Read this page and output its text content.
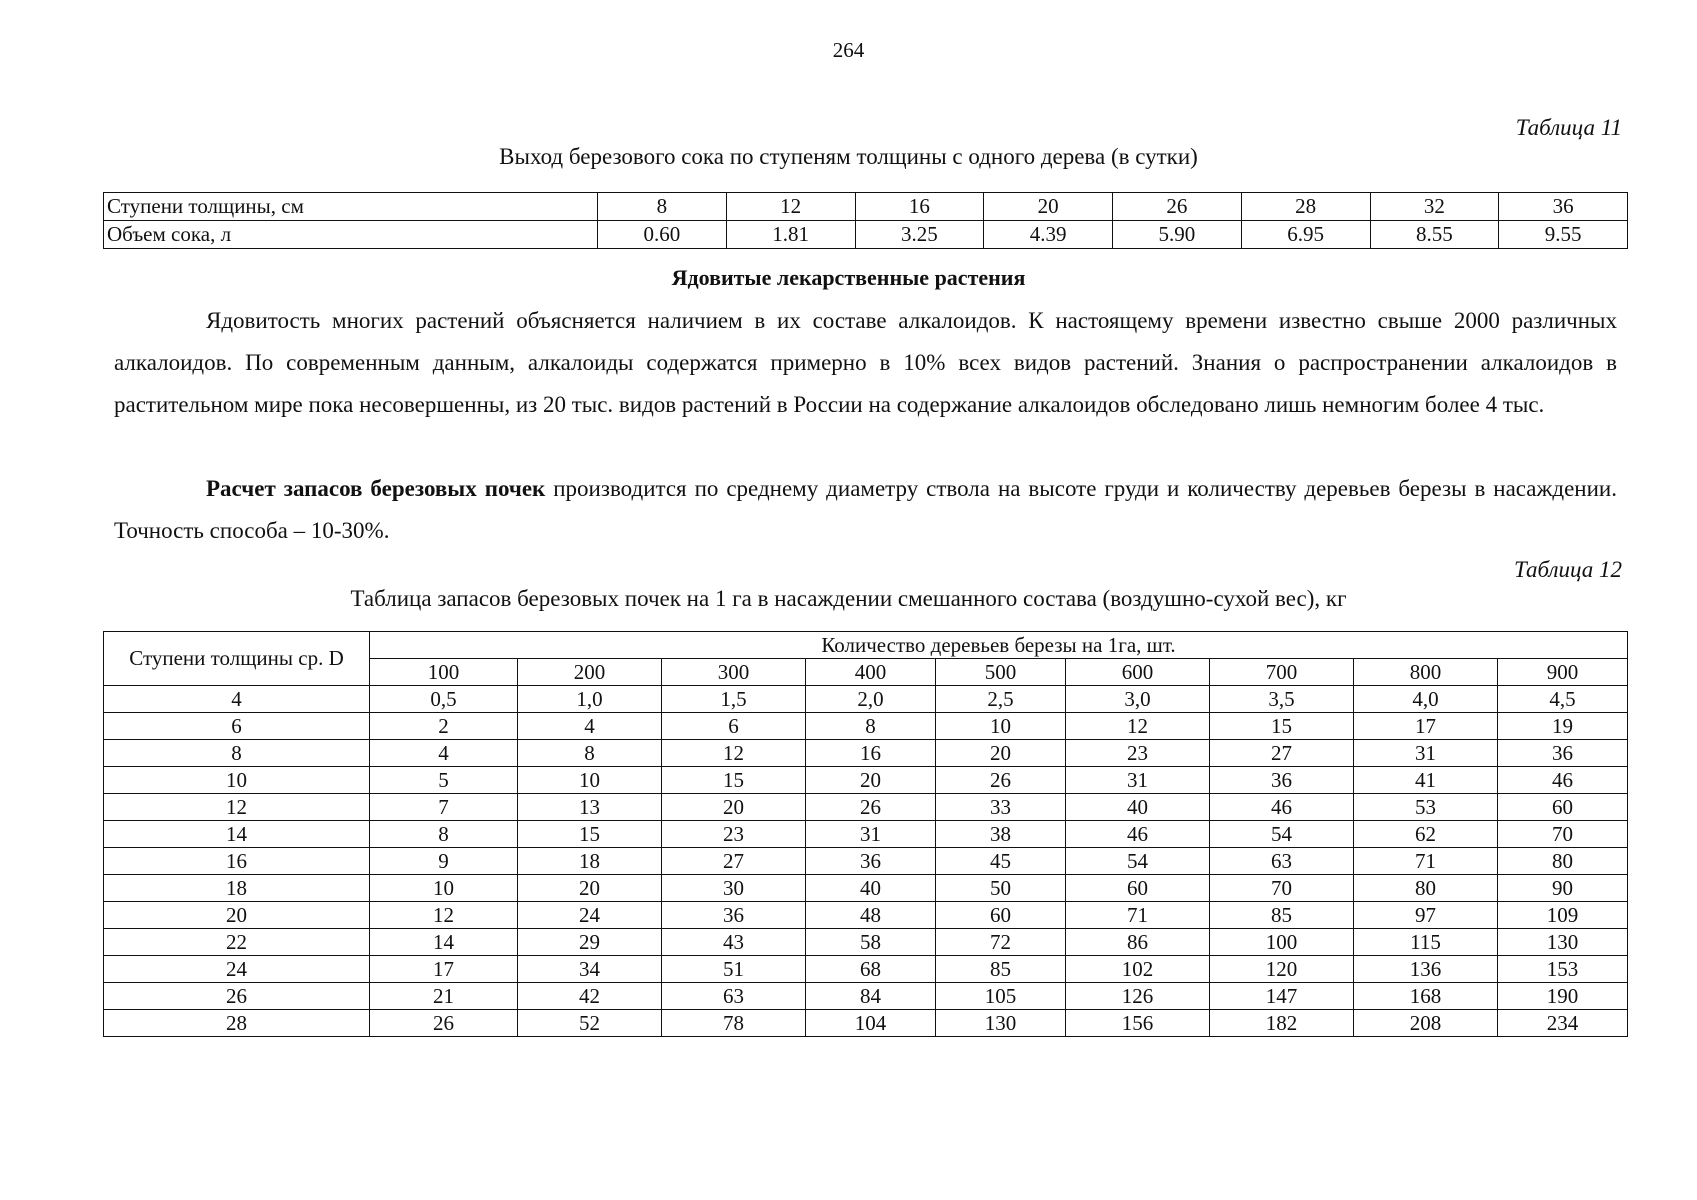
264
Таблица 11
Выход березового сока по ступеням толщины с одного дерева (в сутки)
Ступени толщины, см	8	12	16	20	26	28	32	36
Объем сока, л	0.60	1.81	3.25	4.39	5.90	6.95	8.55	9.55
Ядовитые лекарственные растения

Ядовитость многих растений объясняется наличием в их составе алкалоидов. К настоящему времени известно свыше 2000 различных алкалоидов. По современным данным, алкалоиды содержатся примерно в 10% всех видов растений. Знания о распространении алкалоидов в растительном мире пока несовершенны, из 20 тыс. видов растений в России на содержание алкалоидов обследовано лишь немногим более 4 тыс.

Расчет запасов березовых почек производится по среднему диаметру ствола на высоте груди и количеству деревьев березы в насаждении. Точность способа – 10-30%.

Таблица 12
Таблица запасов березовых почек на 1 га в насаждении смешанного состава (воздушно-сухой вес), кг
Ступени толщины ср. D	Количество деревьев березы на 1га, шт.								
	100	200	300	400	500	600	700	800	900
4	0,5	1,0	1,5	2,0	2,5	3,0	3,5	4,0	4,5
6	2	4	6	8	10	12	15	17	19
8	4	8	12	16	20	23	27	31	36
10	5	10	15	20	26	31	36	41	46
12	7	13	20	26	33	40	46	53	60
14	8	15	23	31	38	46	54	62	70
16	9	18	27	36	45	54	63	71	80
18	10	20	30	40	50	60	70	80	90
20	12	24	36	48	60	71	85	97	109
22	14	29	43	58	72	86	100	115	130
24	17	34	51	68	85	102	120	136	153
26	21	42	63	84	105	126	147	168	190
28	26	52	78	104	130	156	182	208	234
